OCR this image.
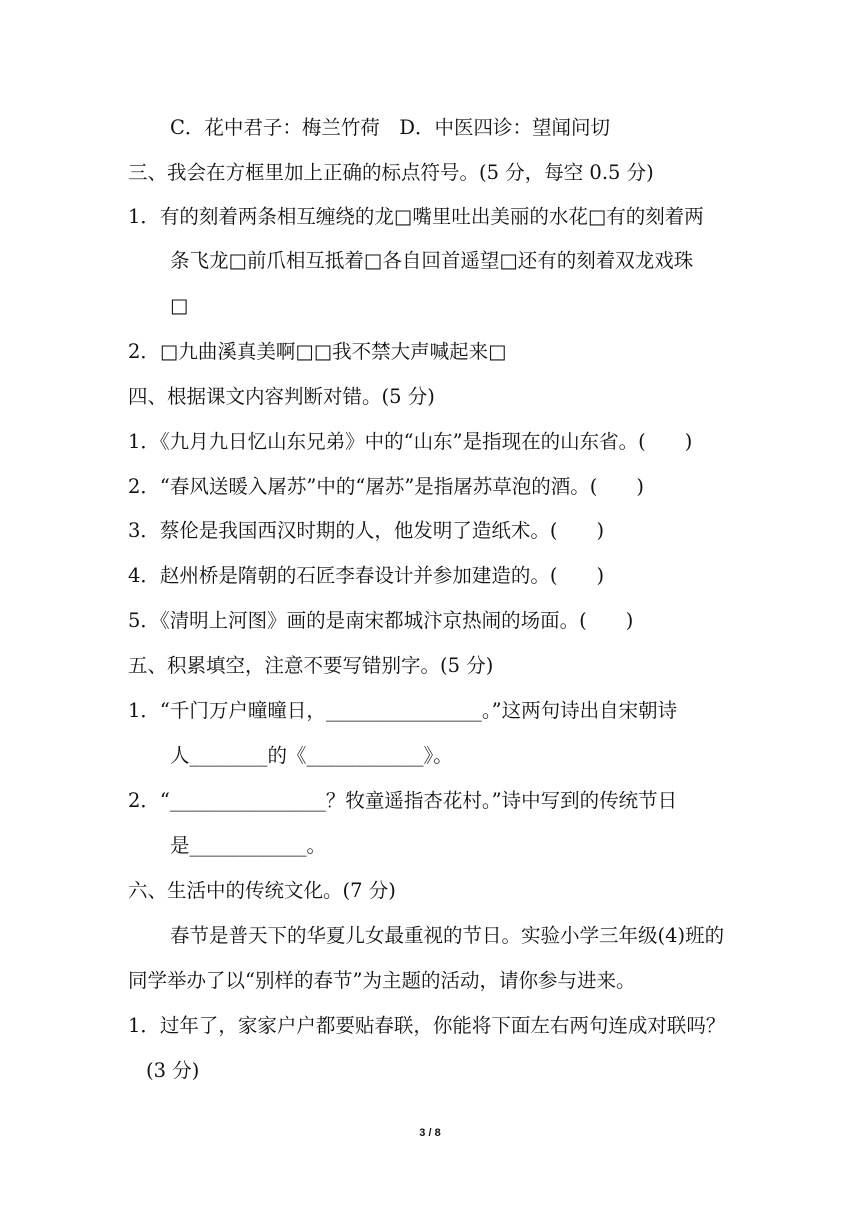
C．花中君子：梅兰竹荷　D．中医四诊：望闻问切
三、我会在方框里加上正确的标点符号。(5 分，每空 0.5 分)
1．有的刻着两条相互缠绕的龙□嘴里吐出美丽的水花□有的刻着两
条飞龙□前爪相互抵着□各自回首遥望□还有的刻着双龙戏珠
□
2．□九曲溪真美啊□□我不禁大声喊起来□
四、根据课文内容判断对错。(5 分)
1．《九月九日忆山东兄弟》中的“山东”是指现在的山东省。(　　)
2．“春风送暖入屠苏”中的“屠苏”是指屠苏草泡的酒。(　　)
3．蔡伦是我国西汉时期的人，他发明了造纸术。(　　)
4．赵州桥是隋朝的石匠李春设计并参加建造的。(　　)
5．《清明上河图》画的是南宋都城汴京热闹的场面。(　　)
五、积累填空，注意不要写错别字。(5 分)
1．“千门万户曈曈日，________________。”这两句诗出自宋朝诗
人________的《____________》。
2．“________________？牧童遥指杏花村。”诗中写到的传统节日
是____________。
六、生活中的传统文化。(7 分)
春节是普天下的华夏儿女最重视的节日。实验小学三年级(4)班的
同学举办了以“别样的春节”为主题的活动，请你参与进来。
1．过年了，家家户户都要贴春联，你能将下面左右两句连成对联吗？
(3 分)
3 / 8
